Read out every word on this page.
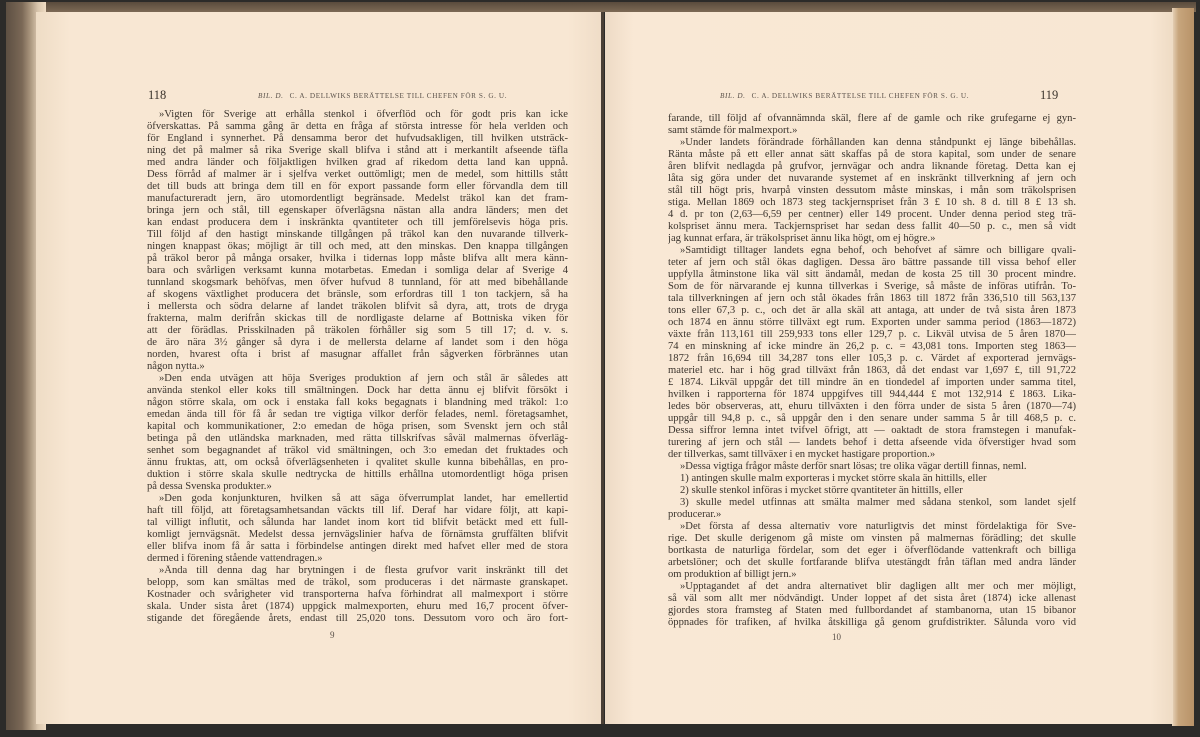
118	BIL. D. C. A. DELLWIKS BERÄTTELSE TILL CHEFEN FÖR S. G. U.
»Vigten för Sverige att erhålla stenkol i öfverflöd och för godt pris kan icke
öfverskattas. På samma gång är detta en fråga af största intresse för hela verlden och
för England i synnerhet. På densamma beror det hufvudsakligen, till hvilken utsträck-
ning det på malmer så rika Sverige skall blifva i stånd att i merkantilt afseende täfla
med andra länder och följaktligen hvilken grad af rikedom detta land kan uppnå.
Dess förråd af malmer är i sjelfva verket outtömligt; men de medel, som hittills stått
det till buds att bringa dem till en för export passande form eller förvandla dem till
manufactureradt jern, äro utomordentligt begränsade. Medelst träkol kan det fram-
bringa jern och stål, till egenskaper öfverlägsna nästan alla andra länders; men det
kan endast producera dem i inskränkta qvantiteter och till jemförelsevis höga pris.
Till följd af den hastigt minskande tillgången på träkol kan den nuvarande tillverk-
ningen knappast ökas; möjligt är till och med, att den minskas. Den knappa tillgången
på träkol beror på många orsaker, hvilka i tidernas lopp måste blifva allt mera känn-
bara och svårligen verksamt kunna motarbetas. Emedan i somliga delar af Sverige 4
tunnland skogsmark behöfvas, men öfver hufvud 8 tunnland, för att med bibehållande
af skogens växtlighet producera det bränsle, som erfordras till 1 ton tackjern, så ha
i mellersta och södra delarne af landet träkolen blifvit så dyra, att, trots de dryga
frakterna, malm derifrån skickas till de nordligaste delarne af Bottniska viken för
att der förädlas. Prisskilnaden på träkolen förhåller sig som 5 till 17; d. v. s.
de äro nära 3½ gånger så dyra i de mellersta delarne af landet som i den höga
norden, hvarest ofta i brist af masugnar affallet från sågverken förbrännes utan
någon nytta.»
»Den enda utvägen att höja Sveriges produktion af jern och stål är således att
använda stenkol eller koks till smältningen. Dock har detta ännu ej blifvit försökt i
någon större skala, om ock i enstaka fall koks begagnats i blandning med träkol: 1:o
emedan ända till för få år sedan tre vigtiga vilkor derför felades, neml. företagsamhet,
kapital och kommunikationer, 2:o emedan de höga prisen, som Svenskt jern och stål
betinga på den utländska marknaden, med rätta tillskrifvas såväl malmernas öfverläg-
senhet som begagnandet af träkol vid smältningen, och 3:o emedan det fruktades och
ännu fruktas, att, om också öfverlägsenheten i qvalitet skulle kunna bibehållas, en pro-
duktion i större skala skulle nedtrycka de hittills erhållna utomordentligt höga prisen
på dessa Svenska produkter.»
»Den goda konjunkturen, hvilken så att säga öfverrumplat landet, har emellertid
haft till följd, att företagsamhetsandan väckts till lif. Deraf har vidare följt, att kapi-
tal villigt influtit, och sålunda har landet inom kort tid blifvit betäckt med ett full-
komligt jernvägsnät. Medelst dessa jernvägslinier hafva de förnämsta gruffälten blifvit
eller blifva inom få år satta i förbindelse antingen direkt med hafvet eller med de stora
dermed i förening stående vattendragen.»
»Ända till denna dag har brytningen i de flesta grufvor varit inskränkt till det
belopp, som kan smältas med de träkol, som produceras i det närmaste granskapet.
Kostnader och svårigheter vid transporterna hafva förhindrat all malmexport i större
skala. Under sista året (1874) uppgick malmexporten, ehuru med 16,7 procent öfver-
stigande det föregående årets, endast till 25,020 tons. Dessutom voro och äro fort-
9
BIL. D. C. A. DELLWIKS BERÄTTELSE TILL CHEFEN FÖR S. G. U.	119
farande, till följd af ofvannämnda skäl, flere af de gamle och rike grufegarne ej gyn-
samt stämde för malmexport.»
»Under landets förändrade förhållanden kan denna ståndpunkt ej länge bibehållas.
Ränta måste på ett eller annat sätt skaffas på de stora kapital, som under de senare
åren blifvit nedlagda på grufvor, jernvägar och andra liknande företag. Detta kan ej
låta sig göra under det nuvarande systemet af en inskränkt tillverkning af jern och
stål till högt pris, hvarpå vinsten dessutom måste minskas, i mån som träkolsprisen
stiga. Mellan 1869 och 1873 steg tackjernspriset från 3 £ 10 sh. 8 d. till 8 £ 13 sh.
4 d. pr ton (2,63—6,59 per centner) eller 149 procent. Under denna period steg trä-
kolspriset ännu mera. Tackjernspriset har sedan dess fallit 40—50 p. c., men så vidt
jag kunnat erfara, är träkolspriset ännu lika högt, om ej högre.»
»Samtidigt tilltager landets egna behof, och behofvet af sämre och billigare qvali-
teter af jern och stål ökas dagligen. Dessa äro bättre passande till vissa behof eller
uppfylla åtminstone lika väl sitt ändamål, medan de kosta 25 till 30 procent mindre.
Som de för närvarande ej kunna tillverkas i Sverige, så måste de införas utifrån. To-
tala tillverkningen af jern och stål ökades från 1863 till 1872 från 336,510 till 563,137
tons eller 67,3 p. c., och det är alla skäl att antaga, att under de två sista åren 1873
och 1874 en ännu större tillväxt egt rum. Exporten under samma period (1863—1872)
växte från 113,161 till 259,933 tons eller 129,7 p. c. Likväl utvisa de 5 åren 1870—
74 en minskning af icke mindre än 26,2 p. c. = 43,081 tons. Importen steg 1863—
1872 från 16,694 till 34,287 tons eller 105,3 p. c. Värdet af exporterad jernvägs-
materiel etc. har i hög grad tillväxt från 1863, då det endast var 1,697 £, till 91,722
£ 1874. Likväl uppgår det till mindre än en tiondedel af importen under samma titel,
hvilken i rapporterna för 1874 uppgifves till 944,444 £ mot 132,914 £ 1863. Lika-
ledes bör observeras, att, ehuru tillväxten i den förra under de sista 5 åren (1870—74)
uppgår till 94,8 p. c., så uppgår den i den senare under samma 5 år till 468,5 p. c.
Dessa siffror lemna intet tvifvel öfrigt, att — oaktadt de stora framstegen i manufak-
turering af jern och stål — landets behof i detta afseende vida öfverstiger hvad som
der tillverkas, samt tillväxer i en mycket hastigare proportion.»
»Dessa vigtiga frågor måste derför snart lösas; tre olika vägar dertill finnas, neml.
1) antingen skulle malm exporteras i mycket större skala än hittills, eller
2) skulle stenkol införas i mycket större qvantiteter än hittills, eller
3) skulle medel utfinnas att smälta malmer med sådana stenkol, som landet sjelf
producerar.»
»Det första af dessa alternativ vore naturligtvis det minst fördelaktiga för Sve-
rige. Det skulle derigenom gå miste om vinsten på malmernas förädling; det skulle
bortkasta de naturliga fördelar, som det eger i öfverflödande vattenkraft och billiga
arbetslöner; och det skulle fortfarande blifva utestängdt från täflan med andra länder
om produktion af billigt jern.»
»Upptagandet af det andra alternativet blir dagligen allt mer och mer möjligt,
så väl som allt mer nödvändigt. Under loppet af det sista året (1874) icke allenast
gjordes stora framsteg af Staten med fullbordandet af stambanorna, utan 15 bibanor
öppnades för trafiken, af hvilka åtskilliga gå genom grufdistrikter. Sålunda voro vid
10
